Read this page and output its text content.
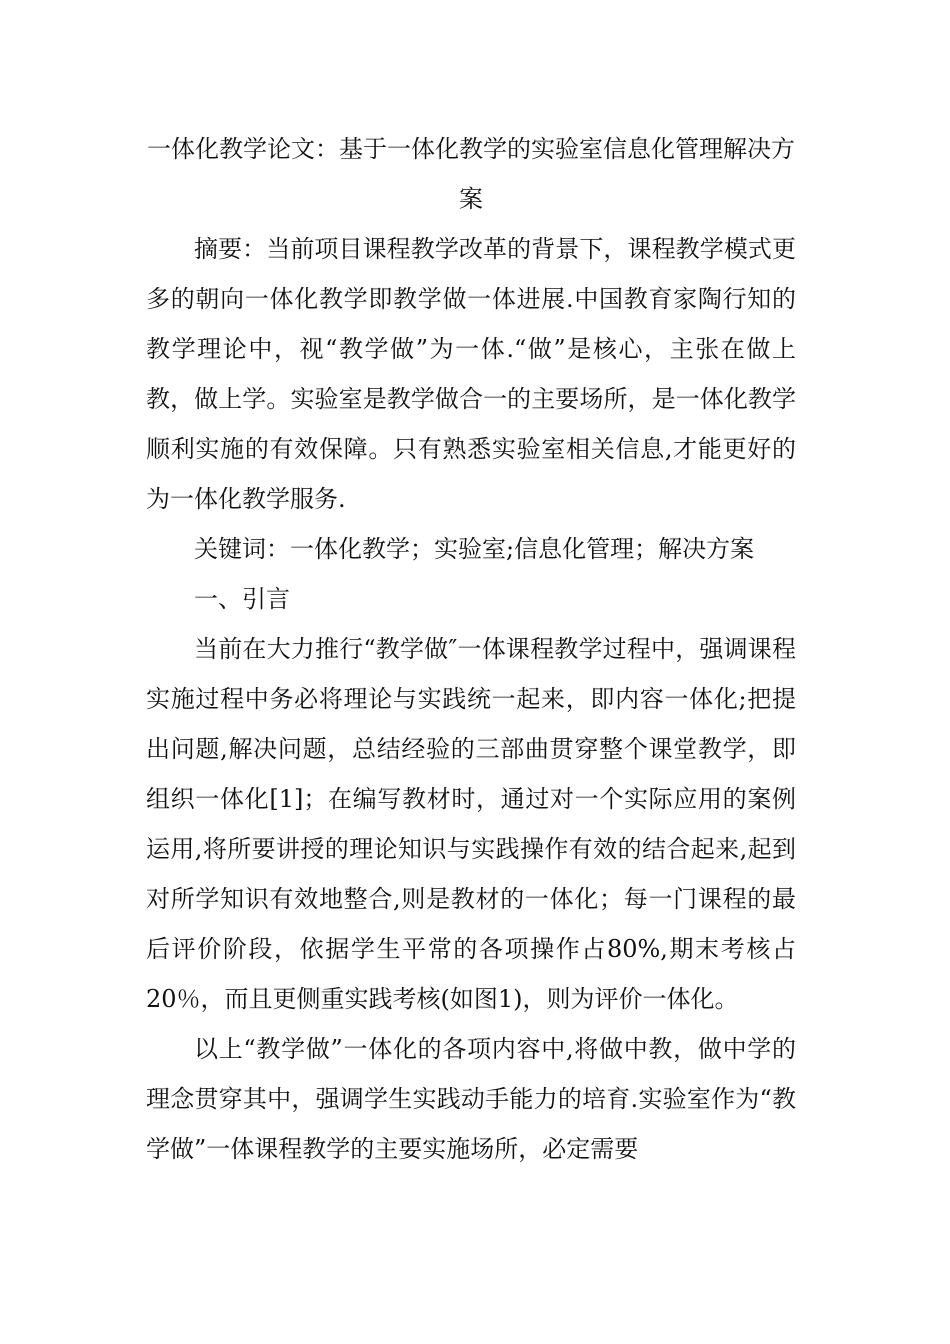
一体化教学论文：基于一体化教学的实验室信息化管理解决方案

摘要：当前项目课程教学改革的背景下，课程教学模式更多的朝向一体化教学即教学做一体进展.中国教育家陶行知的教学理论中，视“教学做”为一体.“做”是核心，主张在做上教，做上学。实验室是教学做合一的主要场所，是一体化教学顺利实施的有效保障。只有熟悉实验室相关信息,才能更好的为一体化教学服务.

关键词：一体化教学；实验室;信息化管理；解决方案

一、引言

当前在大力推行“教学做″一体课程教学过程中，强调课程实施过程中务必将理论与实践统一起来，即内容一体化;把提出问题,解决问题，总结经验的三部曲贯穿整个课堂教学，即组织一体化[1]；在编写教材时，通过对一个实际应用的案例运用,将所要讲授的理论知识与实践操作有效的结合起来,起到对所学知识有效地整合,则是教材的一体化；每一门课程的最后评价阶段，依据学生平常的各项操作占80%,期末考核占20％，而且更侧重实践考核(如图1)，则为评价一体化。

以上“教学做”一体化的各项内容中,将做中教，做中学的理念贯穿其中，强调学生实践动手能力的培育.实验室作为“教学做”一体课程教学的主要实施场所，必定需要
